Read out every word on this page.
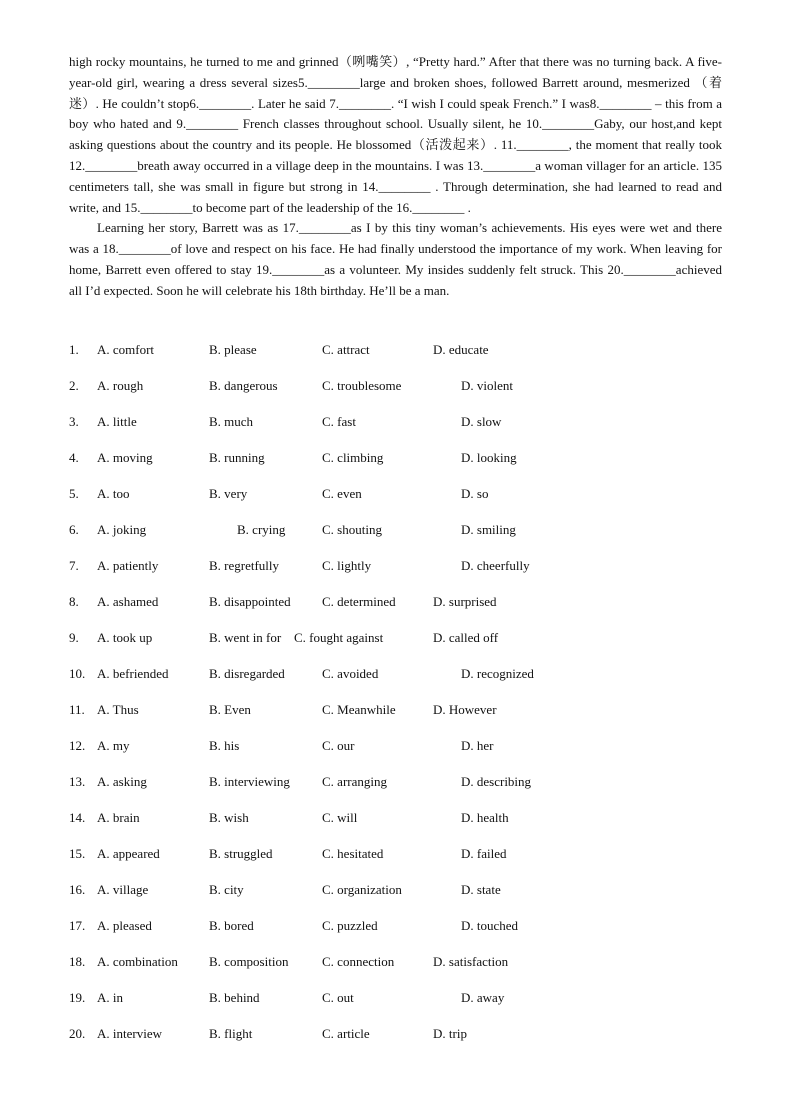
high rocky mountains, he turned to me and grinned（咧嘴笑）, “Pretty hard.” After that there was no turning back. A five-year-old girl, wearing a dress several sizes5.________large and broken shoes, followed Barrett around, mesmerized （着迷）. He couldn’t stop6.________. Later he said 7.________. “I wish I could speak French.” I was8.________ – this from a boy who hated and 9.________ French classes throughout school. Usually silent, he 10.________Gaby, our host,and kept asking questions about the country and its people. He blossomed（活泼起来）. 11.________, the moment that really took 12.________breath away occurred in a village deep in the mountains. I was 13.________a woman villager for an article. 135 centimeters tall, she was small in figure but strong in 14.________ . Through determination, she had learned to read and write, and 15.________to become part of the leadership of the 16.________ .

Learning her story, Barrett was as 17.________as I by this tiny woman’s achievements. His eyes were wet and there was a 18.________of love and respect on his face. He had finally understood the importance of my work. When leaving for home, Barrett even offered to stay 19.________as a volunteer. My insides suddenly felt struck. This 20.________achieved all I’d expected. Soon he will celebrate his 18th birthday. He’ll be a man.

1. A. comfort	B. please	C. attract	D. educate
2. A. rough	B. dangerous	C. troublesome	D. violent
3. A. little	B. much	C. fast	D. slow
4. A. moving	B. running	C. climbing	D. looking
5. A. too	B. very	C. even	D. so
6. A. joking	B. crying	C. shouting	D. smiling
7. A. patiently	B. regretfully	C. lightly	D. cheerfully
8. A. ashamed	B. disappointed C. determined	D. surprised
9. A. took up	B. went in for C. fought against	D. called off
10. A. befriended	B. disregarded	C. avoided	D. recognized
11. A. Thus	B. Even	C. Meanwhile	D. However
12. A. my	B. his	C. our	D. her
13. A. asking	B. interviewing C. arranging	D. describing
14. A. brain	B. wish	C. will	D. health
15. A. appeared	B. struggled	C. hesitated	D. failed
16. A. village	B. city	C. organization	D. state
17. A. pleased	B. bored	C. puzzled	D. touched
18. A. combination B. composition	C. connection	D. satisfaction
19. A. in	B. behind	C. out	D. away
20. A. interview	B. flight	C. article	D. trip
